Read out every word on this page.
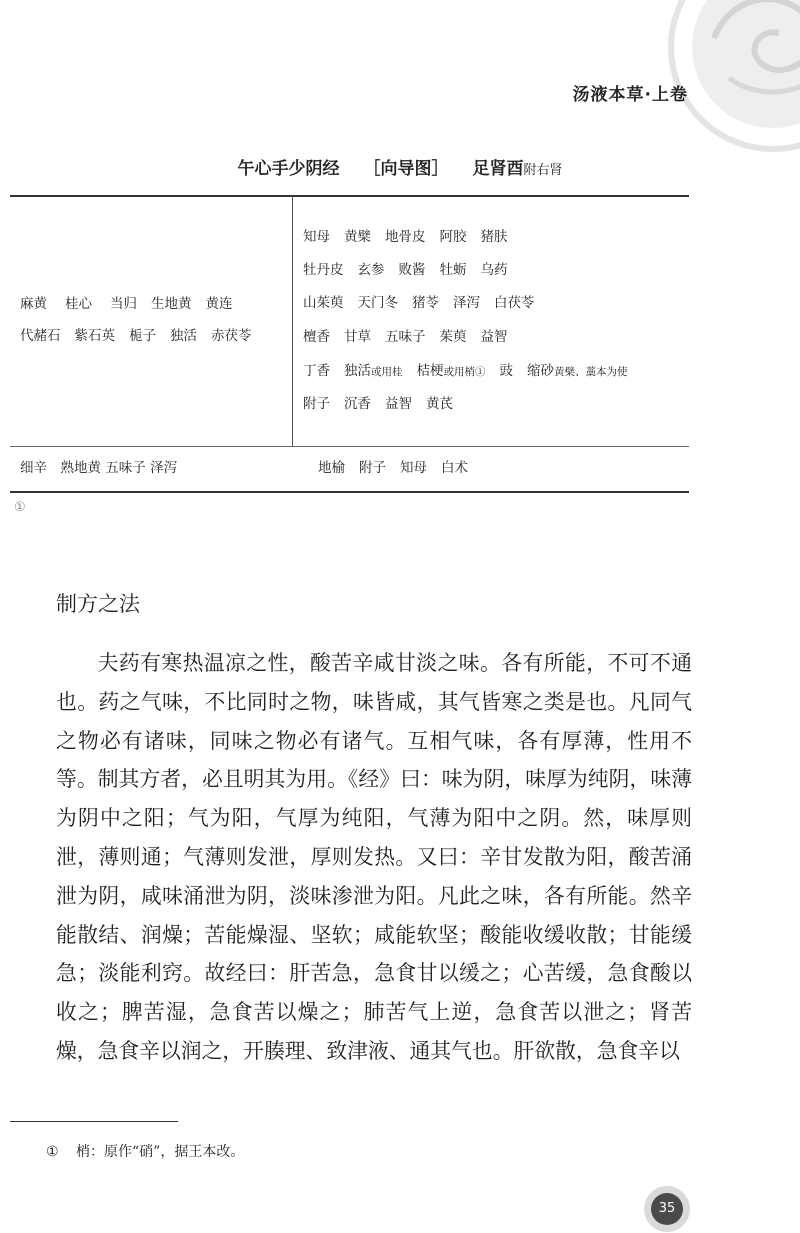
汤液本草·上卷
午心手少阴经 ［向导图］ 足肾酉附右肾
麻黄 桂心 当归 生地黄 黄连
代赭石 紫石英 栀子 独活 赤茯苓
知母 黄檗 地骨皮 阿胶 猪肤
牡丹皮 玄参 败酱 牡蛎 乌药
山茱萸 天门冬 猪苓 泽泻 白茯苓
檀香 甘草 五味子 茱萸 益智
丁香 独活或用桂 桔梗或用梢① 豉 缩砂黄檗、藁本为使
附子 沉香 益智 黄芪
细辛　熟地黄 五味子 泽泻	地榆 附子 知母 白术
①
制方之法

夫药有寒热温凉之性，酸苦辛咸甘淡之味。各有所能，不可不通也。药之气味，不比同时之物，味皆咸，其气皆寒之类是也。凡同气之物必有诸味，同味之物必有诸气。互相气味，各有厚薄，性用不等。制其方者，必且明其为用。《经》曰：味为阴，味厚为纯阴，味薄为阴中之阳；气为阳，气厚为纯阳，气薄为阳中之阴。然，味厚则泄，薄则通；气薄则发泄，厚则发热。又曰：辛甘发散为阳，酸苦涌泄为阴，咸味涌泄为阴，淡味渗泄为阳。凡此之味，各有所能。然辛能散结、润燥；苦能燥湿、坚软；咸能软坚；酸能收缓收散；甘能缓急；淡能利窍。故经曰：肝苦急，急食甘以缓之；心苦缓，急食酸以收之；脾苦湿，急食苦以燥之；肺苦气上逆，急食苦以泄之；肾苦燥，急食辛以润之，开腠理、致津液、通其气也。肝欲散，急食辛以

① 梢：原作“硝”，据王本改。
35
